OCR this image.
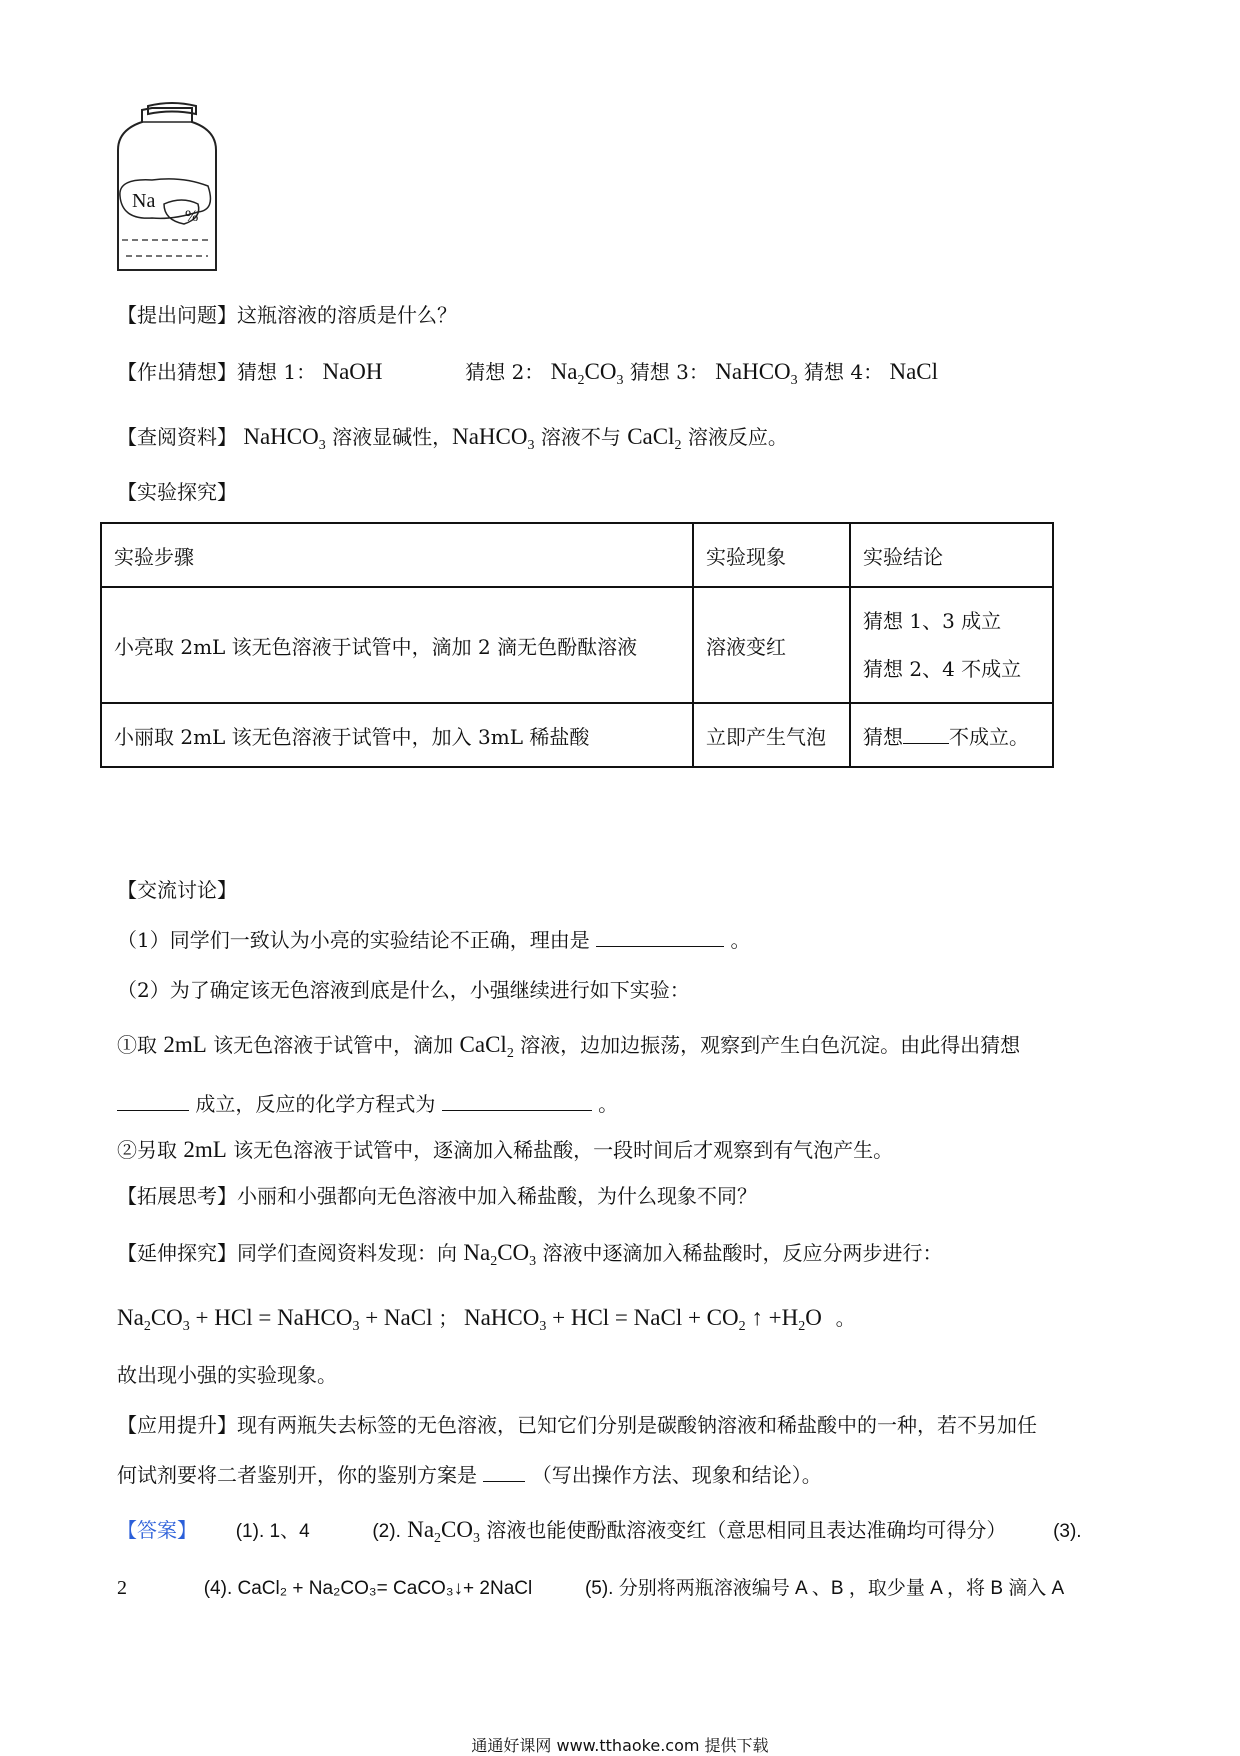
Na
%
【提出问题】这瓶溶液的溶质是什么？
【作出猜想】猜想 1： NaOH	猜想 2： $Na_2CO_3$ 猜想 3： NaHCO$_3$ 猜想 4： NaCl
【查阅资料】 NaHCO$_3$ 溶液显碱性，NaHCO$_3$ 溶液不与 CaCl$_2$ 溶液反应。
【实验探究】
实验步骤	实验现象	实验结论
小亮取 2mL 该无色溶液于试管中，滴加 2 滴无色酚酞溶液	溶液变红	猜想 1、3 成立
猜想 2、4 不成立

小丽取 2mL 该无色溶液于试管中，加入 3mL 稀盐酸	立即产生气泡	猜想 不成立。
【交流讨论】
（1）同学们一致认为小亮的实验结论不正确，理由是	。
（2）为了确定该无色溶液到底是什么，小强继续进行如下实验：
①取 2mL 该无色溶液于试管中，滴加 CaCl$_2$ 溶液，边加边振荡，观察到产生白色沉淀。由此得出猜想
成立，反应的化学方程式为	。
②另取 2mL 该无色溶液于试管中，逐滴加入稀盐酸，一段时间后才观察到有气泡产生。
【拓展思考】小丽和小强都向无色溶液中加入稀盐酸，为什么现象不同？
【延伸探究】同学们查阅资料发现：向 $Na_2CO_3$ 溶液中逐滴加入稀盐酸时，反应分两步进行：
$Na_2CO_3$ + HCl = NaHCO$_3$ + NaCl ； NaHCO$_3$ + HCl = NaCl + $CO_2$ ↑ $+H_2O$ 。
故出现小强的实验现象。
【应用提升】现有两瓶失去标签的无色溶液，已知它们分别是碳酸钠溶液和稀盐酸中的一种，若不另加任
何试剂要将二者鉴别开，你的鉴别方案是	（写出操作方法、现象和结论）。
【答案】 (1). 1、4	(2). $Na_2CO_3$ 溶液也能使酚酞溶液变红（意思相同且表达准确均可得分） (3).
2	(4). CaCl₂ + Na₂CO₃= CaCO₃↓+ 2NaCl	(5). 分别将两瓶溶液编号 A 、B ，取少量 A ，将 B 滴入 A
通通好课网 www.tthaoke.com 提供下载
